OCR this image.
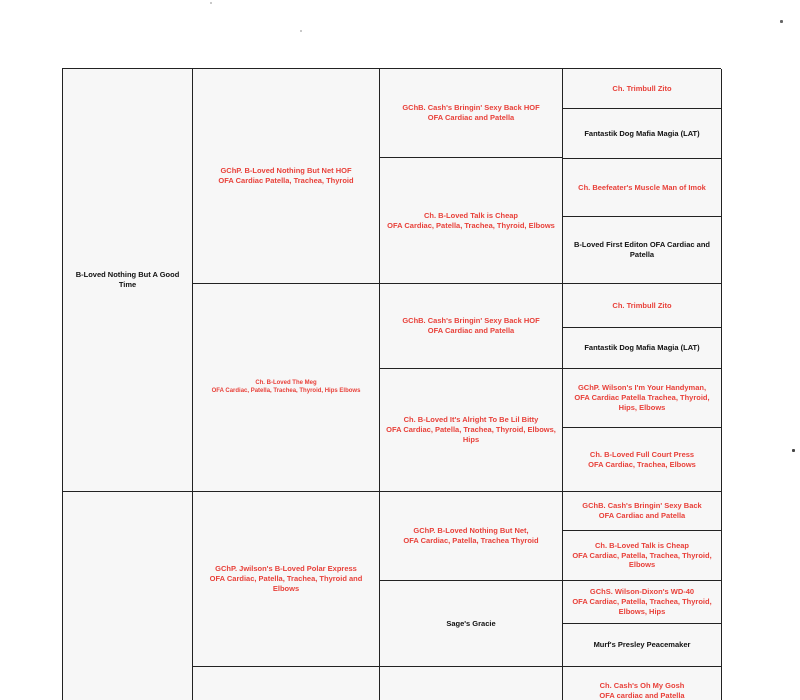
B-Loved Nothing But A Good Time
GChP. B-Loved Nothing But Net HOF
OFA Cardiac Patella, Trachea, Thyroid
Ch. B-Loved The Meg
OFA Cardiac, Patella, Trachea, Thyroid, Hips Elbows
GChP. Jwilson's B-Loved Polar Express
OFA Cardiac, Patella, Trachea, Thyroid and
Elbows
GChB. Cash's Bringin' Sexy Back HOF
OFA Cardiac and Patella
Ch. B-Loved Talk is Cheap
OFA Cardiac, Patella, Trachea, Thyroid, Elbows
GChB. Cash's Bringin' Sexy Back HOF
OFA Cardiac and Patella
Ch. B-Loved It's Alright To Be Lil Bitty
OFA Cardiac, Patella, Trachea, Thyroid, Elbows,
Hips
GChP. B-Loved Nothing But Net,
OFA Cardiac, Patella, Trachea Thyroid
Sage's Gracie
Ch. Trimbull Zito
Fantastik Dog Mafia Magia (LAT)
Ch. Beefeater's Muscle Man of Imok
B-Loved First Editon OFA Cardiac and
Patella
Ch. Trimbull Zito
Fantastik Dog Mafia Magia (LAT)
GChP. Wilson's I'm Your Handyman,
OFA Cardiac Patella Trachea, Thyroid,
Hips, Elbows
Ch. B-Loved Full Court Press
OFA Cardiac, Trachea, Elbows
GChB. Cash's Bringin' Sexy Back
OFA Cardiac and Patella
Ch. B-Loved Talk is Cheap
OFA Cardiac, Patella, Trachea, Thyroid,
Elbows
GChS. Wilson-Dixon's WD-40
OFA Cardiac, Patella, Trachea, Thyroid,
Elbows, Hips
Murf's Presley Peacemaker
Ch. Cash's Oh My Gosh
OFA cardiac and Patella
